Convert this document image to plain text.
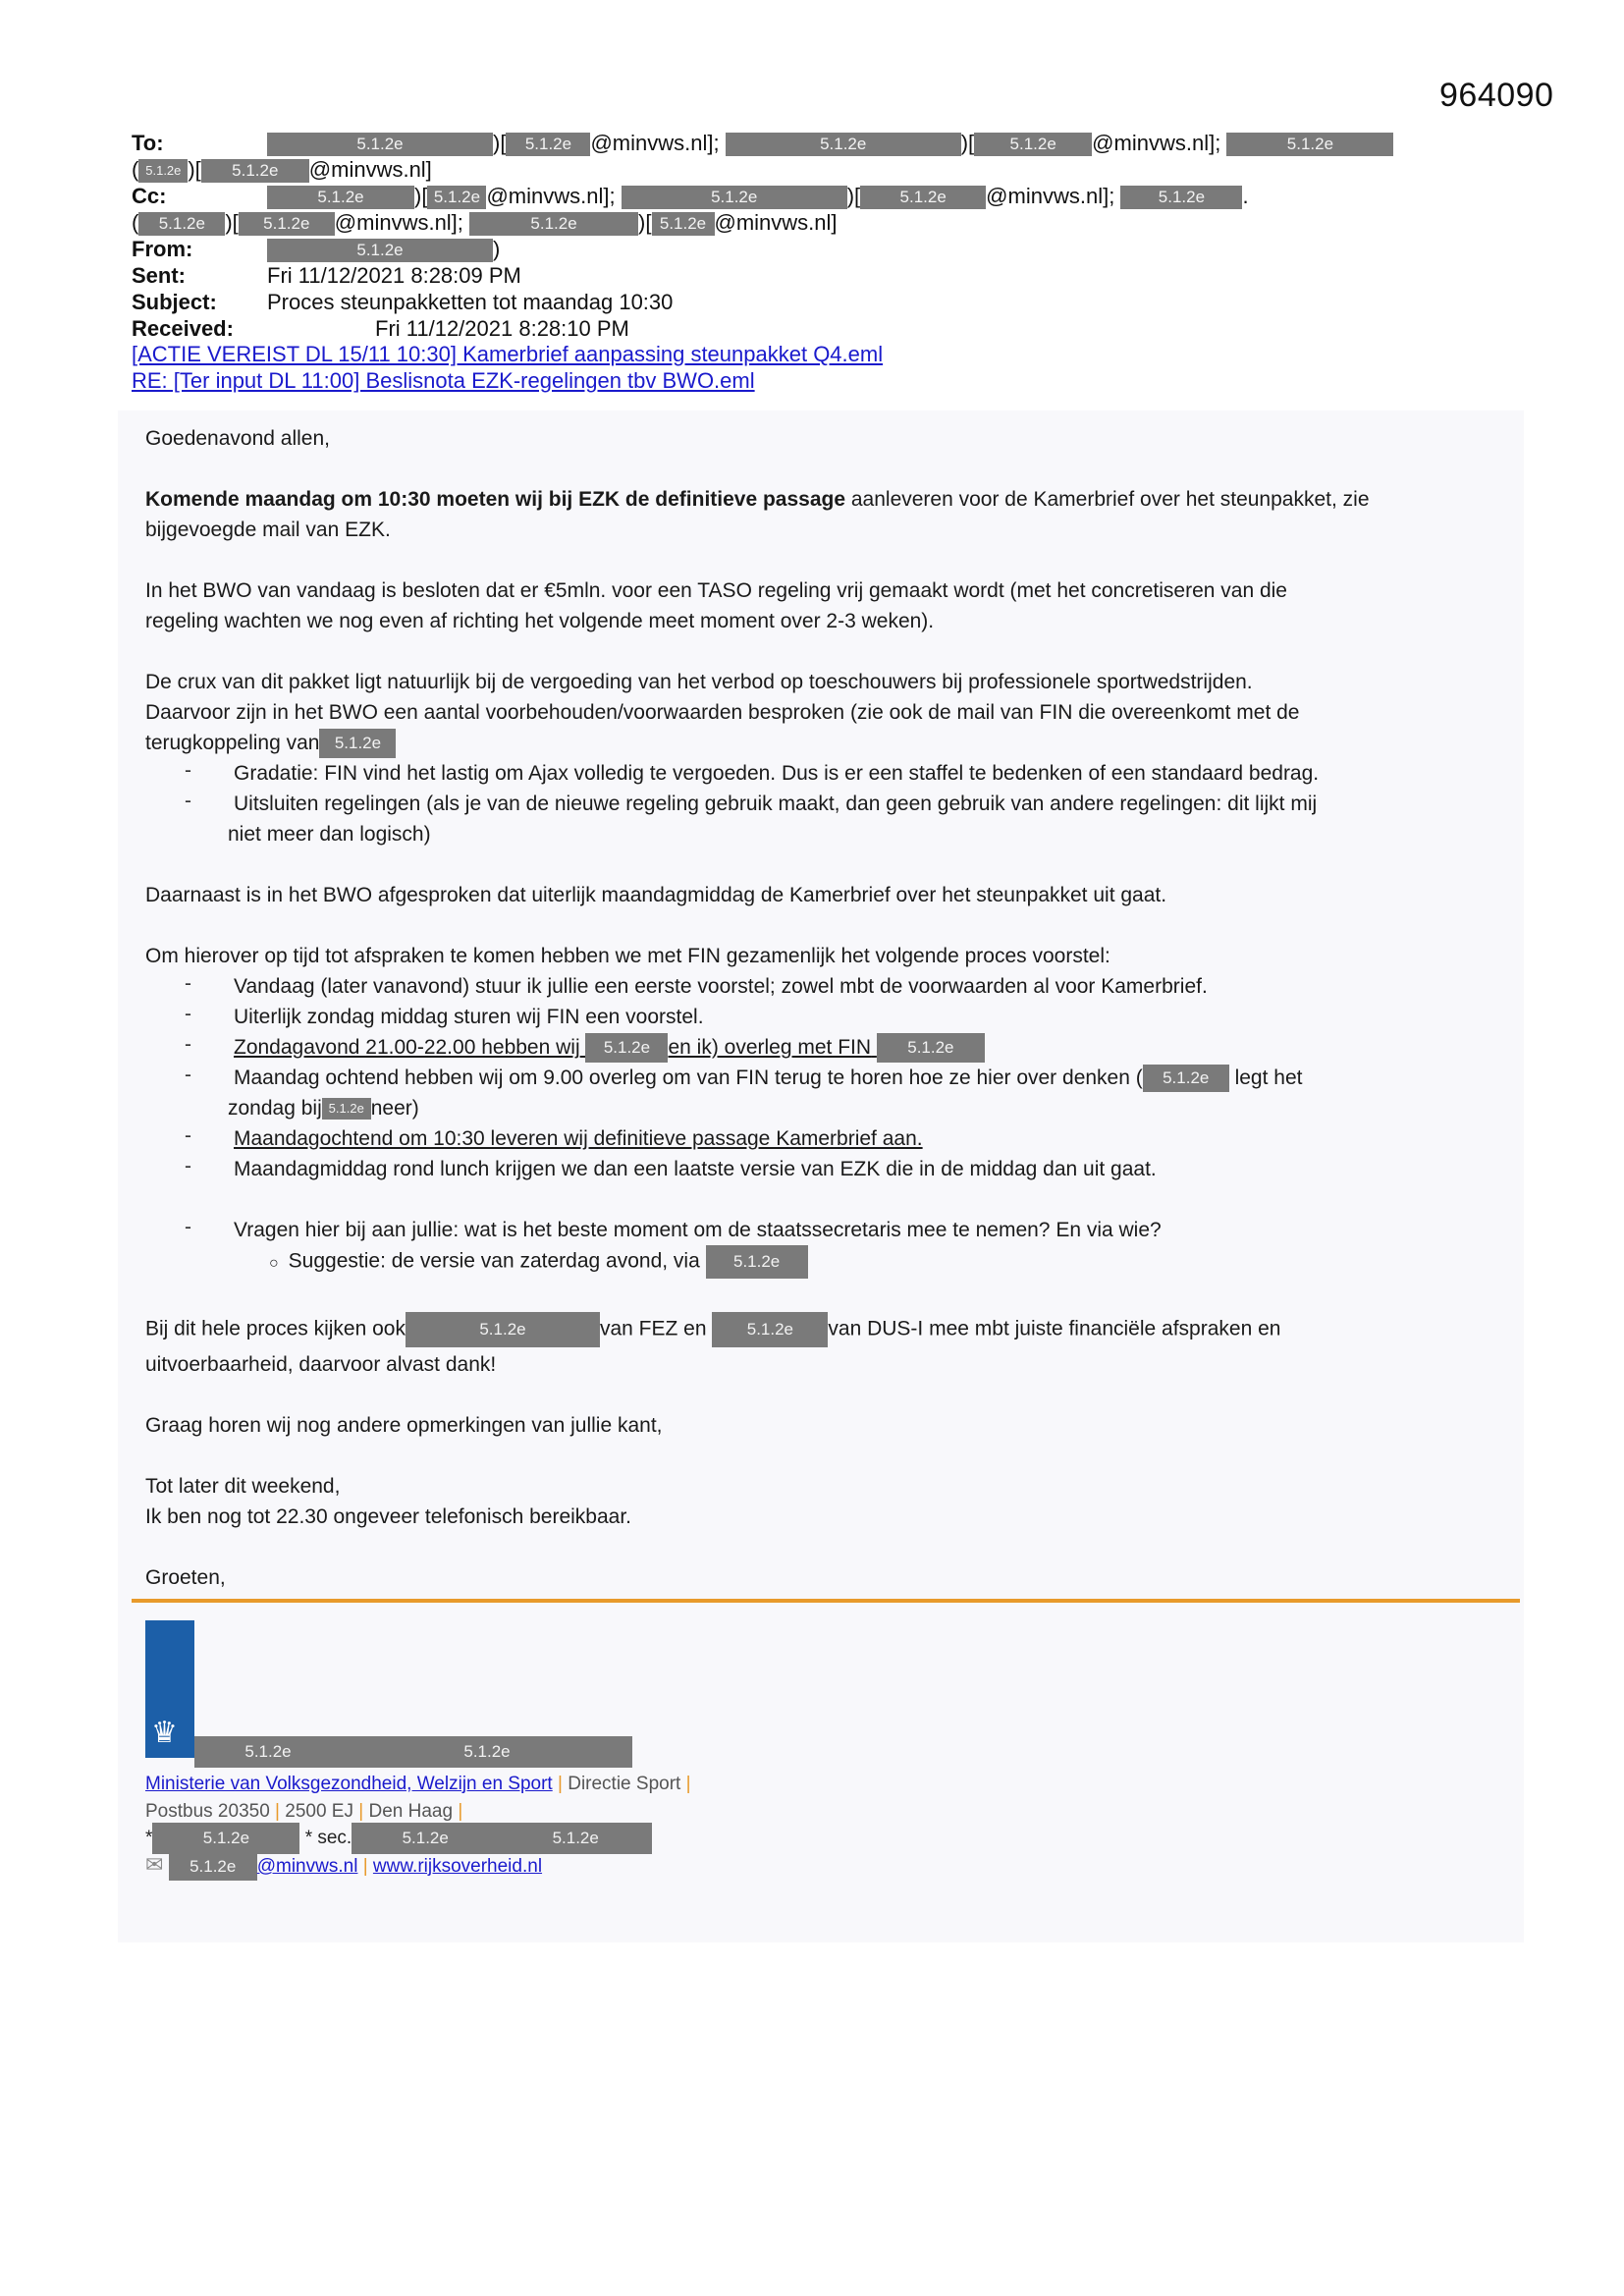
964090
To:	5.1.2e	)[ 5.1.2e @minvws.nl];	5.1.2e	)[ 5.1.2e @minvws.nl];	5.1.2e
( 5.1.2e )[ 5.1.2e @minvws.nl]
Cc:	5.1.2e )[ 5.1.2e @minvws.nl];	5.1.2e	)[ 5.1.2e @minvws.nl];	5.1.2e .
( 5.1.2e )[ 5.1.2e @minvws.nl];	5.1.2e	)[ 5.1.2e @minvws.nl]
From:	5.1.2e	)
Sent:	Fri 11/12/2021 8:28:09 PM
Subject: Proces steunpakketten tot maandag 10:30
Received:	Fri 11/12/2021 8:28:10 PM
[ACTIE VEREIST DL 15/11 10:30] Kamerbrief aanpassing steunpakket Q4.eml
RE: [Ter input DL 11:00] Beslisnota EZK-regelingen tbv BWO.eml
Goedenavond allen,
Komende maandag om 10:30 moeten wij bij EZK de definitieve passage aanleveren voor de Kamerbrief over het steunpakket, zie
bijgevoegde mail van EZK.
In het BWO van vandaag is besloten dat er €5mln. voor een TASO regeling vrij gemaakt wordt (met het concretiseren van die
regeling wachten we nog even af richting het volgende meet moment over 2-3 weken).
De crux van dit pakket ligt natuurlijk bij de vergoeding van het verbod op toeschouwers bij professionele sportwedstrijden.
Daarvoor zijn in het BWO een aantal voorbehouden/voorwaarden besproken (zie ook de mail van FIN die overeenkomt met de
terugkoppeling van 5.1.2e
- Gradatie: FIN vind het lastig om Ajax volledig te vergoeden. Dus is er een staffel te bedenken of een standaard bedrag.
- Uitsluiten regelingen (als je van de nieuwe regeling gebruik maakt, dan geen gebruik van andere regelingen: dit lijkt mij
niet meer dan logisch)
Daarnaast is in het BWO afgesproken dat uiterlijk maandagmiddag de Kamerbrief over het steunpakket uit gaat.
Om hierover op tijd tot afspraken te komen hebben we met FIN gezamenlijk het volgende proces voorstel:
- Vandaag (later vanavond) stuur ik jullie een eerste voorstel; zowel mbt de voorwaarden al voor Kamerbrief.
- Uiterlijk zondag middag sturen wij FIN een voorstel.
- Zondagavond 21.00-22.00 hebben wij 5.1.2e en ik) overleg met FIN 5.1.2e
- Maandag ochtend hebben wij om 9.00 overleg om van FIN terug te horen hoe ze hier over denken ( 5.1.2e legt het
zondag bij 5.1.2e neer)
- Maandagochtend om 10:30 leveren wij definitieve passage Kamerbrief aan.
- Maandagmiddag rond lunch krijgen we dan een laatste versie van EZK die in de middag dan uit gaat.
- Vragen hier bij aan jullie: wat is het beste moment om de staatssecretaris mee te nemen? En via wie?
○ Suggestie: de versie van zaterdag avond, via 5.1.2e
Bij dit hele proces kijken ook	5.1.2e	van FEZ en 5.1.2e van DUS-I mee mbt juiste financiële afspraken en
uitvoerbaarheid, daarvoor alvast dank!
Graag horen wij nog andere opmerkingen van jullie kant,
Tot later dit weekend,
Ik ben nog tot 22.30 ongeveer telefonisch bereikbaar.
Groeten,
♛
5.1.2e	5.1.2e
Ministerie van Volksgezondheid, Welzijn en Sport | Directie Sport |
Postbus 20350 | 2500 EJ | Den Haag |
*	5.1.2e	* sec.	5.1.2e	5.1.2e
✉ 5.1.2e @minvws.nl | www.rijksoverheid.nl
